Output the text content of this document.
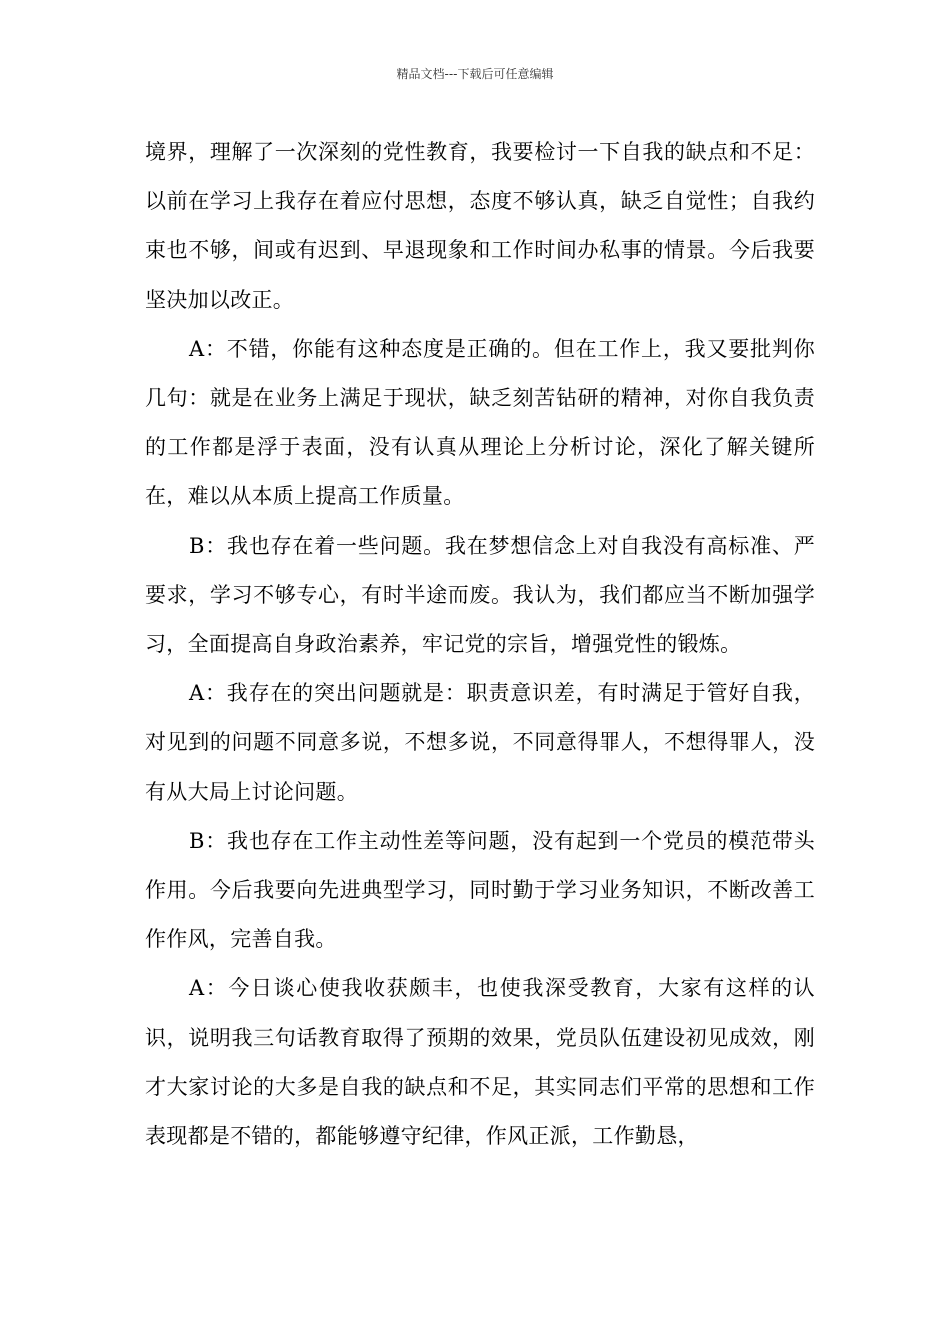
精品文档---下载后可任意编辑

境界，理解了一次深刻的党性教育，我要检讨一下自我的缺点和不足：以前在学习上我存在着应付思想，态度不够认真，缺乏自觉性；自我约束也不够，间或有迟到、早退现象和工作时间办私事的情景。今后我要坚决加以改正。

A：不错，你能有这种态度是正确的。但在工作上，我又要批判你几句：就是在业务上满足于现状，缺乏刻苦钻研的精神，对你自我负责的工作都是浮于表面，没有认真从理论上分析讨论，深化了解关键所在，难以从本质上提高工作质量。

B：我也存在着一些问题。我在梦想信念上对自我没有高标准、严要求，学习不够专心，有时半途而废。我认为，我们都应当不断加强学习，全面提高自身政治素养，牢记党的宗旨，增强党性的锻炼。

A：我存在的突出问题就是：职责意识差，有时满足于管好自我，对见到的问题不同意多说，不想多说，不同意得罪人，不想得罪人，没有从大局上讨论问题。

B：我也存在工作主动性差等问题，没有起到一个党员的模范带头作用。今后我要向先进典型学习，同时勤于学习业务知识，不断改善工作作风，完善自我。

A：今日谈心使我收获颇丰，也使我深受教育，大家有这样的认识，说明我三句话教育取得了预期的效果，党员队伍建设初见成效，刚才大家讨论的大多是自我的缺点和不足，其实同志们平常的思想和工作表现都是不错的，都能够遵守纪律，作风正派，工作勤恳，
